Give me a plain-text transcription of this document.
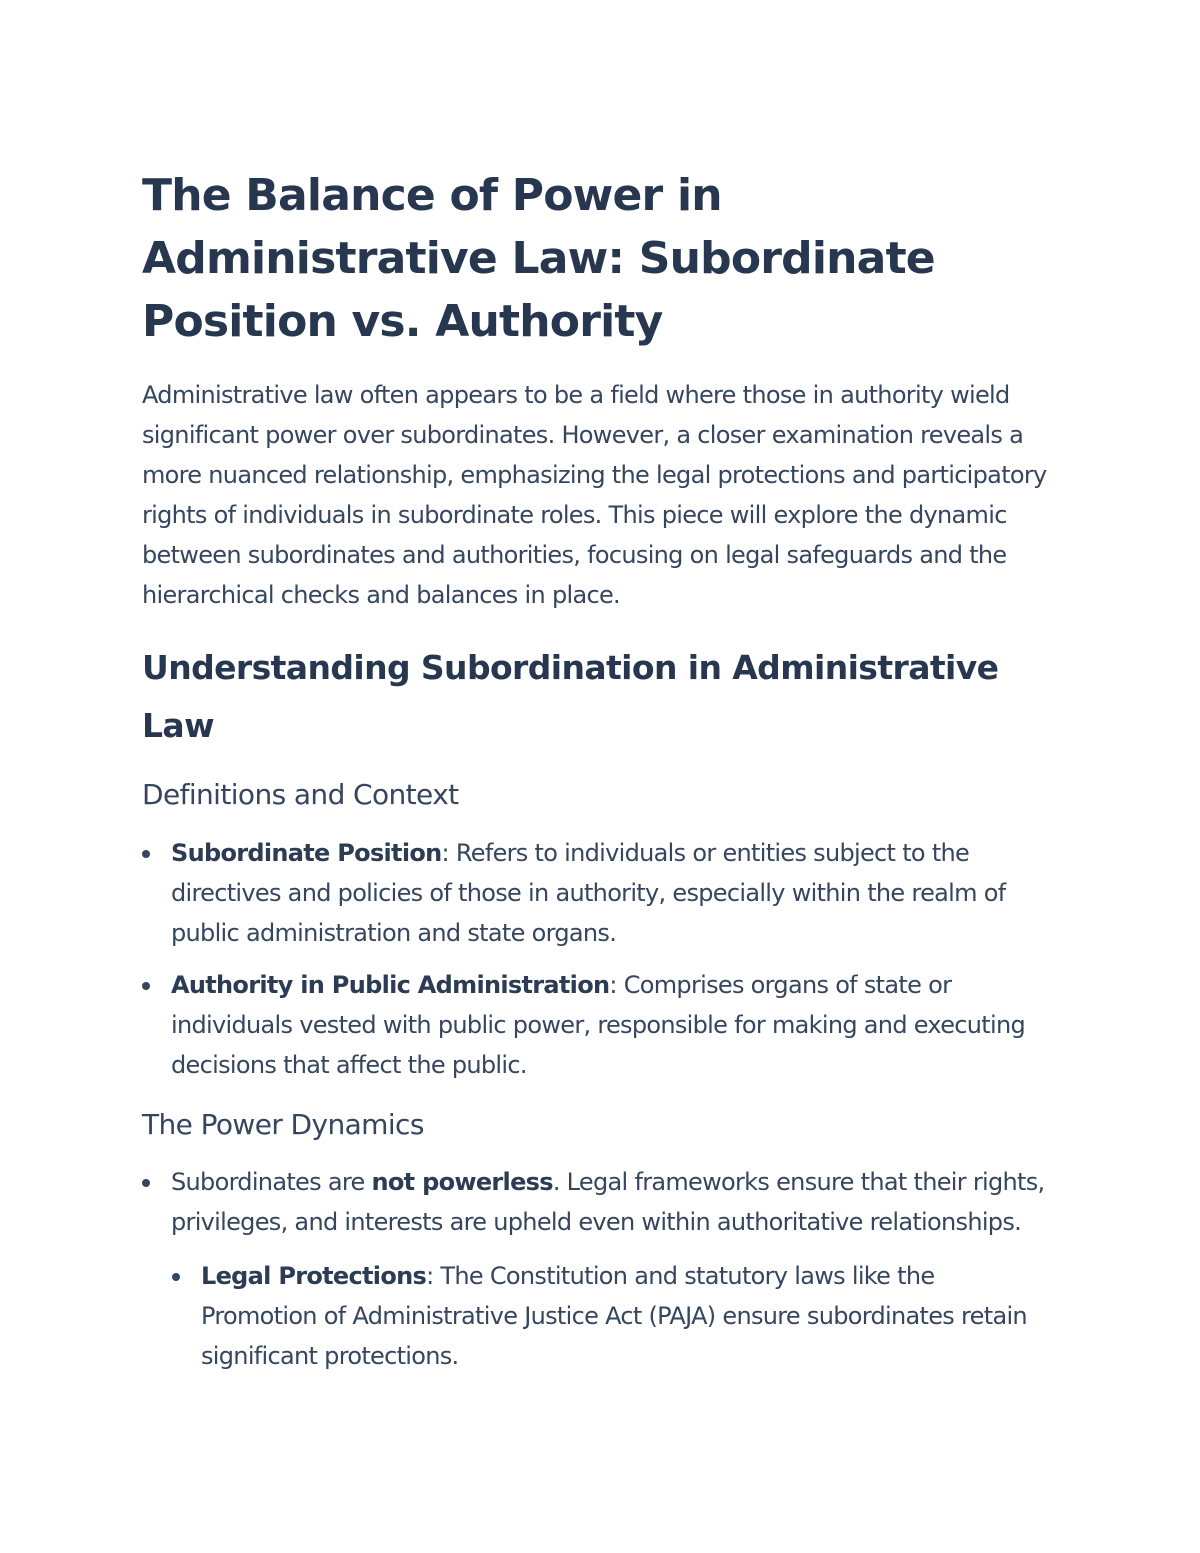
The Balance of Power in Administrative Law: Subordinate Position vs. Authority

Administrative law often appears to be a field where those in authority wield significant power over subordinates. However, a closer examination reveals a more nuanced relationship, emphasizing the legal protections and participatory rights of individuals in subordinate roles. This piece will explore the dynamic between subordinates and authorities, focusing on legal safeguards and the hierarchical checks and balances in place.

Understanding Subordination in Administrative Law
Definitions and Context
Subordinate Position: Refers to individuals or entities subject to the directives and policies of those in authority, especially within the realm of public administration and state organs.
Authority in Public Administration: Comprises organs of state or individuals vested with public power, responsible for making and executing decisions that affect the public.
The Power Dynamics
Subordinates are not powerless. Legal frameworks ensure that their rights, privileges, and interests are upheld even within authoritative relationships.
Legal Protections: The Constitution and statutory laws like the Promotion of Administrative Justice Act (PAJA) ensure subordinates retain significant protections.
